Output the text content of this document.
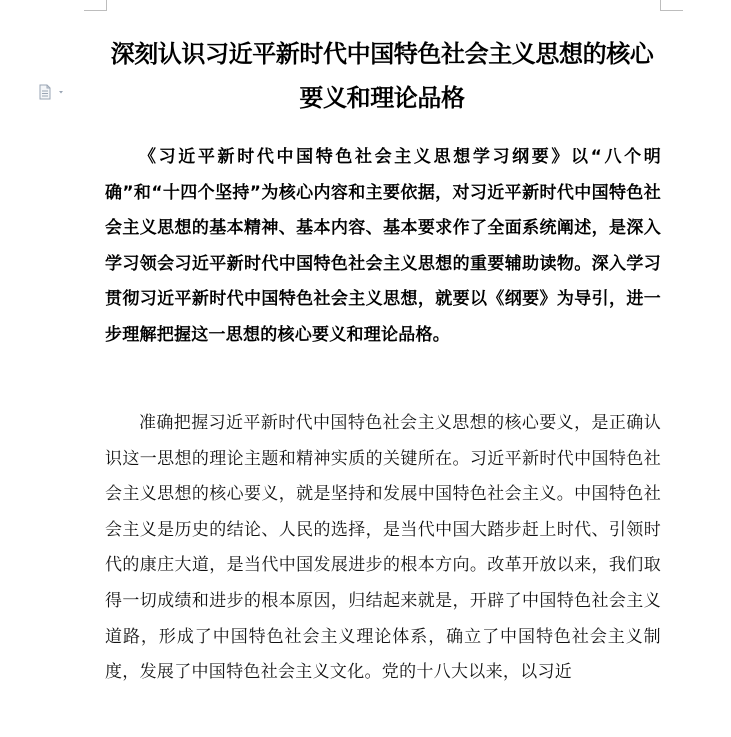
深刻认识习近平新时代中国特色社会主义思想的核心要义和理论品格

《习近平新时代中国特色社会主义思想学习纲要》以“八个明确”和“十四个坚持”为核心内容和主要依据，对习近平新时代中国特色社会主义思想的基本精神、基本内容、基本要求作了全面系统阐述，是深入学习领会习近平新时代中国特色社会主义思想的重要辅助读物。深入学习贯彻习近平新时代中国特色社会主义思想，就要以《纲要》为导引，进一步理解把握这一思想的核心要义和理论品格。

准确把握习近平新时代中国特色社会主义思想的核心要义，是正确认识这一思想的理论主题和精神实质的关键所在。习近平新时代中国特色社会主义思想的核心要义，就是坚持和发展中国特色社会主义。中国特色社会主义是历史的结论、人民的选择，是当代中国大踏步赶上时代、引领时代的康庄大道，是当代中国发展进步的根本方向。改革开放以来，我们取得一切成绩和进步的根本原因，归结起来就是，开辟了中国特色社会主义道路，形成了中国特色社会主义理论体系，确立了中国特色社会主义制度，发展了中国特色社会主义文化。党的十八大以来，以习近
